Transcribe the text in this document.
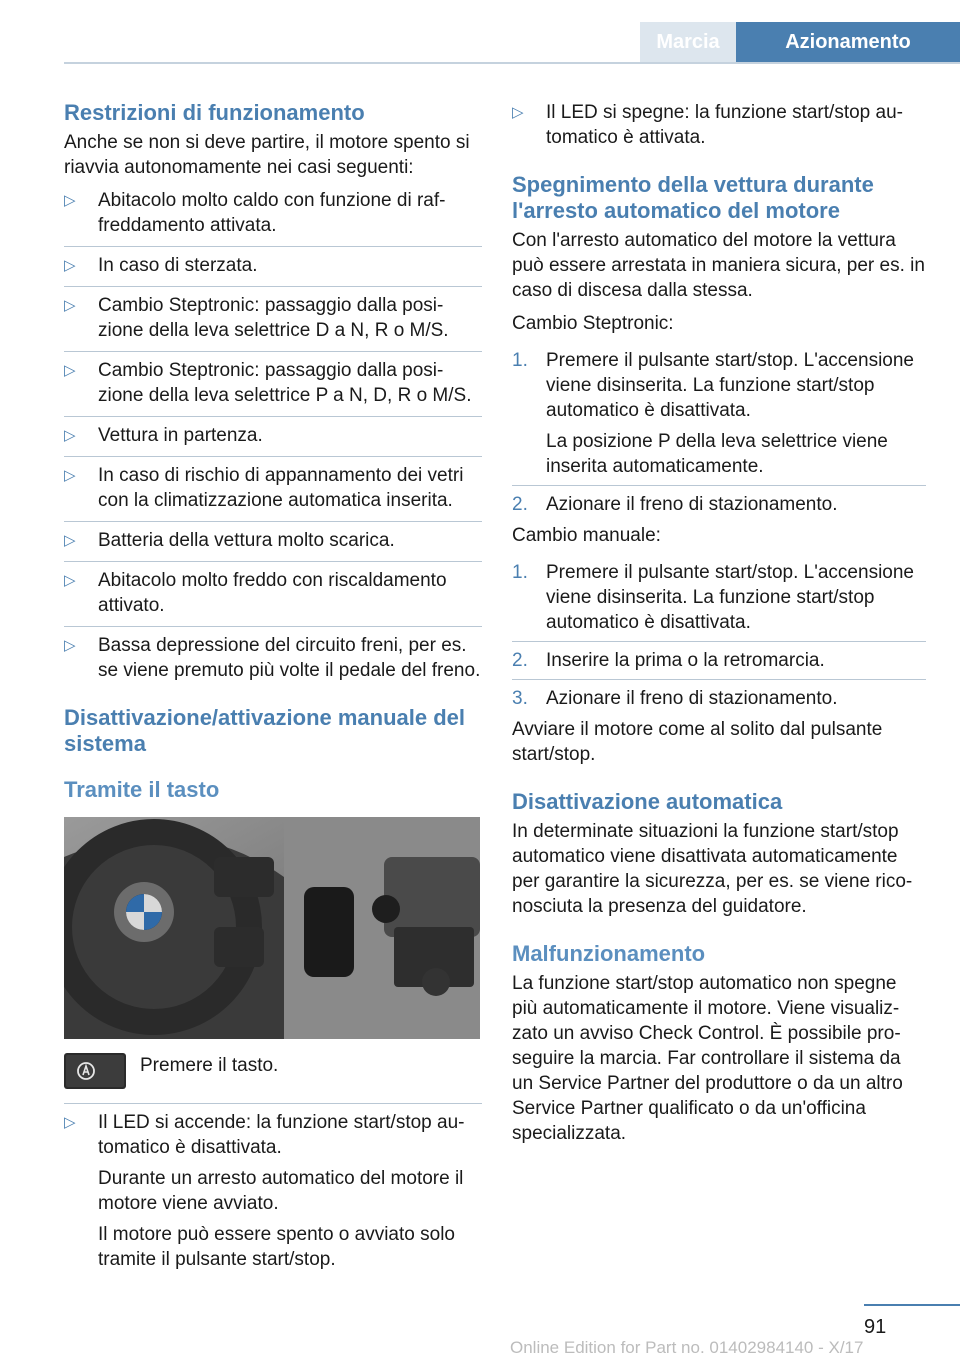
Marcia	Azionamento
Restrizioni di funzionamento

Anche se non si deve partire, il motore spento si riavvia autonomamente nei casi seguenti:

▷ Abitacolo molto caldo con funzione di raffreddamento attivata.
▷ In caso di sterzata.
▷ Cambio Steptronic: passaggio dalla posizione della leva selettrice D a N, R o M/S.
▷ Cambio Steptronic: passaggio dalla posizione della leva selettrice P a N, D, R o M/S.
▷ Vettura in partenza.
▷ In caso di rischio di appannamento dei vetri con la climatizzazione automatica inserita.
▷ Batteria della vettura molto scarica.
▷ Abitacolo molto freddo con riscaldamento attivato.
▷ Bassa depressione del circuito freni, per es. se viene premuto più volte il pedale del freno.
Disattivazione/attivazione manuale del sistema
Tramite il tasto
Premere il tasto.
▷ Il LED si accende: la funzione start/stop automatico è disattivata.
Durante un arresto automatico del motore il motore viene avviato.
Il motore può essere spento o avviato solo tramite il pulsante start/stop.
▷ Il LED si spegne: la funzione start/stop automatico è attivata.
Spegnimento della vettura durante l'arresto automatico del motore

Con l'arresto automatico del motore la vettura può essere arrestata in maniera sicura, per es. in caso di discesa dalla stessa.

Cambio Steptronic:

1. Premere il pulsante start/stop. L'accensione viene disinserita. La funzione start/stop automatico è disattivata.
La posizione P della leva selettrice viene inserita automaticamente.
2. Azionare il freno di stazionamento.

Cambio manuale:

1. Premere il pulsante start/stop. L'accensione viene disinserita. La funzione start/stop automatico è disattivata.
2. Inserire la prima o la retromarcia.
3. Azionare il freno di stazionamento.

Avviare il motore come al solito dal pulsante start/stop.

Disattivazione automatica

In determinate situazioni la funzione start/stop automatico viene disattivata automaticamente per garantire la sicurezza, per es. se viene riconosciuta la presenza del guidatore.

Malfunzionamento

La funzione start/stop automatico non spegne più automaticamente il motore. Viene visualizzato un avviso Check Control. È possibile proseguire la marcia. Far controllare il sistema da un Service Partner del produttore o da un altro Service Partner qualificato o da un'officina specializzata.

91
Online Edition for Part no. 01402984140 - X/17
